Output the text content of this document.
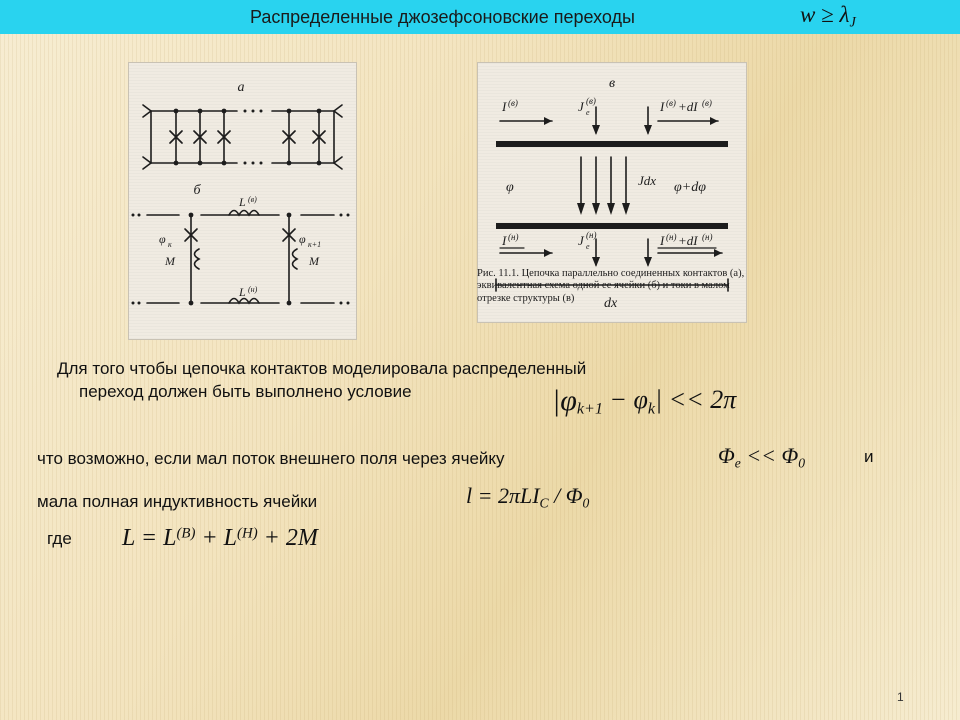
Распределенные джозефсоновские переходы	$w \ge \lambda_J$
a
б
φ к	φ к+1
L (в)
L (н)
M	M
в
I (в)	J e
(в)	I (в) +dI (в)
φ	Jdx φ+dφ
I (н)	J e
(н)	I (н) +dI (н)
dx
Рис. 11.1. Цепочка параллельно соединенных контактов (а), эквивалентная схема одной ее ячейки (б) и токи в малом отрезке структуры (в)
Для того чтобы цепочка контактов моделировала распределенный
переход должен быть выполнено условие	$|\varphi_{k+1} - \varphi_k| << 2\pi$
что возможно, если мал поток внешнего поля через ячейку	$\Phi_e << \Phi_0$	и
мала полная индуктивность ячейки	$l = 2\pi LI_C / \Phi_0$
где $L = L^{(В)} + L^{(Н)} + 2M$
1
